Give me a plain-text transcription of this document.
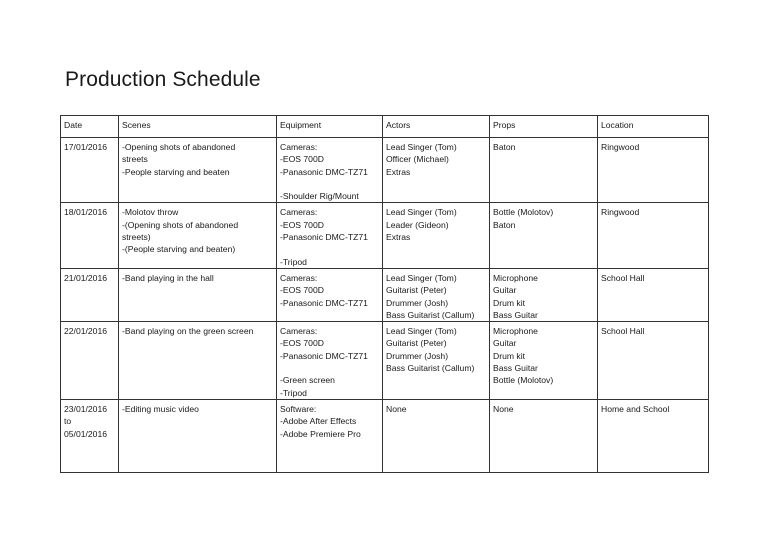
Production Schedule
Date	Scenes	Equipment	Actors	Props	Location

17/01/2016	-Opening shots of abandoned
streets
-People starving and beaten	Cameras:
-EOS 700D
-Panasonic DMC-TZ71
-Shoulder Rig/Mount	Lead Singer (Tom)
Officer (Michael)
Extras	Baton	Ringwood

18/01/2016	-Molotov throw
-(Opening shots of abandoned
streets)
-(People starving and beaten)	Cameras:
-EOS 700D
-Panasonic DMC-TZ71
-Tripod	Lead Singer (Tom)
Leader (Gideon)
Extras	Bottle (Molotov)
Baton	Ringwood

21/01/2016	-Band playing in the hall	Cameras:
-EOS 700D
-Panasonic DMC-TZ71	Lead Singer (Tom)
Guitarist (Peter)
Drummer (Josh)
Bass Guitarist (Callum)	Microphone
Guitar
Drum kit
Bass Guitar	School Hall

22/01/2016	-Band playing on the green screen	Cameras:
-EOS 700D
-Panasonic DMC-TZ71
-Green screen
-Tripod	Lead Singer (Tom)
Guitarist (Peter)
Drummer (Josh)
Bass Guitarist (Callum)	Microphone
Guitar
Drum kit
Bass Guitar
Bottle (Molotov)	School Hall

23/01/2016
to
05/01/2016	-Editing music video	Software:
-Adobe After Effects
-Adobe Premiere Pro	None	None	Home and School
